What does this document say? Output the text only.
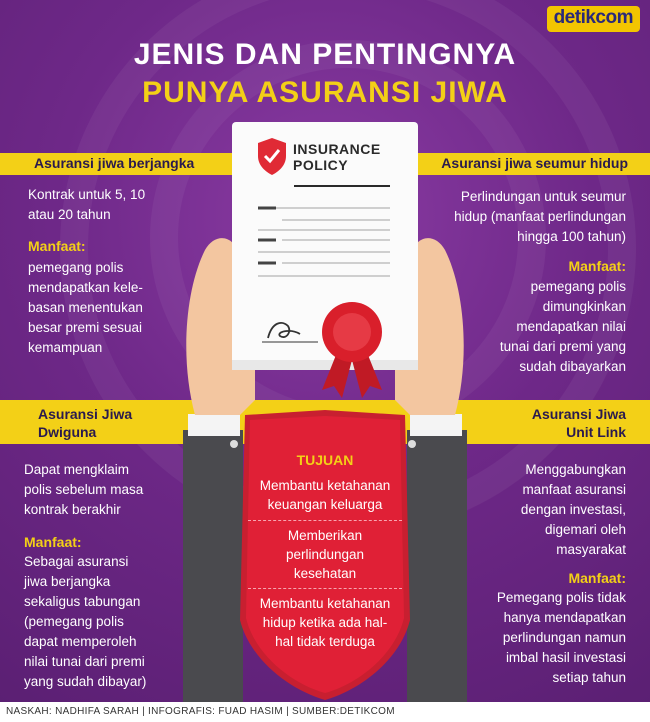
detikcom
JENIS DAN PENTINGNYA
PUNYA ASURANSI JIWA
INSURANCE
POLICY
Asuransi jiwa berjangka
Kontrak untuk 5, 10
atau 20 tahun
Manfaat:
pemegang polis
mendapatkan kele-
basan menentukan
besar premi sesuai
kemampuan
Asuransi jiwa seumur hidup
Perlindungan untuk seumur
hidup (manfaat perlindungan
hingga 100 tahun)
Manfaat:
pemegang polis
dimungkinkan
mendapatkan nilai
tunai dari premi yang
sudah dibayarkan
Asuransi Jiwa
Dwiguna
Dapat mengklaim
polis sebelum masa
kontrak berakhir
Manfaat:
Sebagai asuransi
jiwa berjangka
sekaligus tabungan
(pemegang polis
dapat memperoleh
nilai tunai dari premi
yang sudah dibayar)
Asuransi Jiwa
Unit Link
Menggabungkan
manfaat asuransi
dengan investasi,
digemari oleh
masyarakat
Manfaat:
Pemegang polis tidak
hanya mendapatkan
perlindungan namun
imbal hasil investasi
setiap tahun
TUJUAN
Membantu ketahanan
keuangan keluarga
Memberikan
perlindungan
kesehatan
Membantu ketahanan
hidup ketika ada hal-
hal tidak terduga
NASKAH: NADHIFA SARAH | INFOGRAFIS: FUAD HASIM | SUMBER:DETIKCOM
